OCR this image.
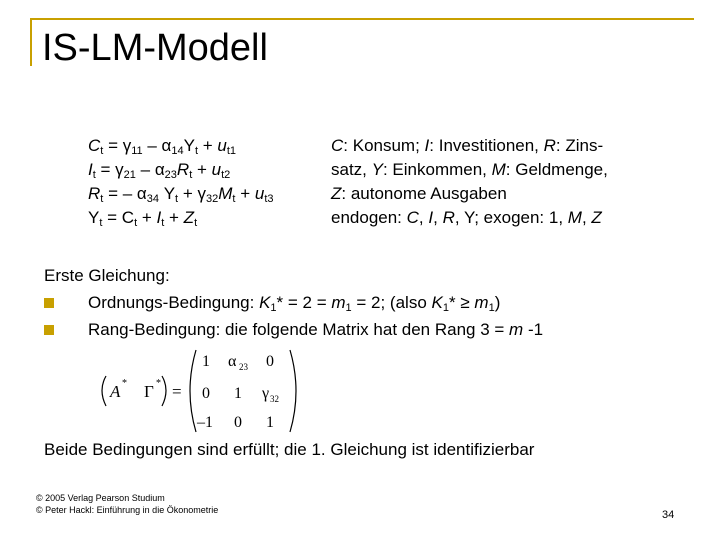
IS-LM-Modell
$C_t = \gamma_{11} - \alpha_{14}Y_t + u_{t1}$
$I_t = \gamma_{21} - \alpha_{23}R_t + u_{t2}$
$R_t$ = – $\alpha_{34}$ $Y_t + \gamma_{32}M_t + u_{t3}$
$Y_t = C_t + I_t + Z_t$
C: Konsum; I: Investitionen, R: Zins-
satz, Y: Einkommen, M: Geldmenge,
Z: autonome Ausgaben
endogen: C, I, R, Y; exogen: 1, M, Z
Erste Gleichung:
Ordnungs-Bedingung: $K_1* = 2 = m_1 = 2$; (also $K_1* \ge m_1$)
Rang-Bedingung: die folgende Matrix hat den Rang 3 = m -1
A * Γ * =
1 α 23 0
0 1 γ 32
–1 0 1
Beide Bedingungen sind erfüllt; die 1. Gleichung ist identifizierbar
© 2005 Verlag Pearson Studium
© Peter Hackl: Einführung in die Ökonometrie	34
